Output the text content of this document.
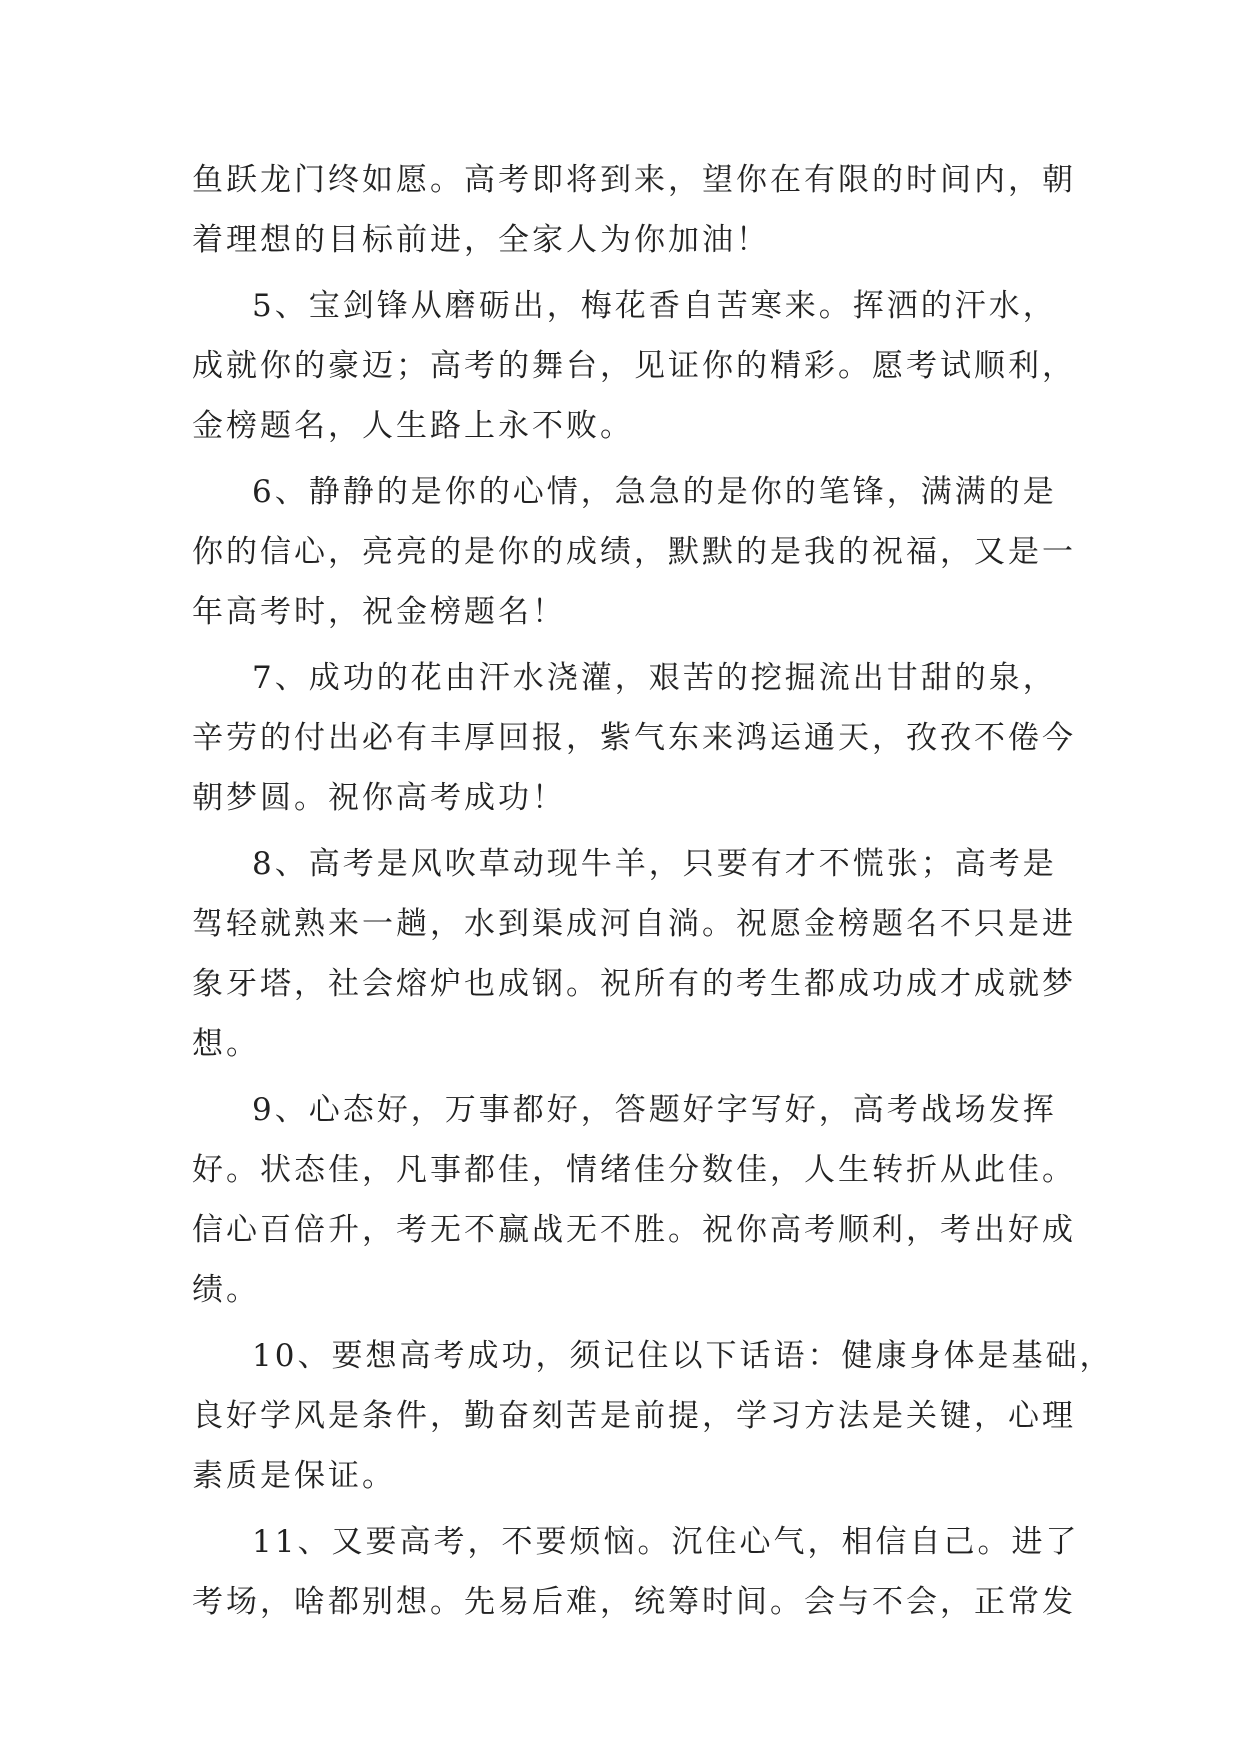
鱼跃龙门终如愿。高考即将到来，望你在有限的时间内，朝
着理想的目标前进，全家人为你加油！
5、宝剑锋从磨砺出，梅花香自苦寒来。挥洒的汗水，
成就你的豪迈；高考的舞台，见证你的精彩。愿考试顺利，
金榜题名，人生路上永不败。
6、静静的是你的心情，急急的是你的笔锋，满满的是
你的信心，亮亮的是你的成绩，默默的是我的祝福，又是一
年高考时，祝金榜题名！
7、成功的花由汗水浇灌，艰苦的挖掘流出甘甜的泉，
辛劳的付出必有丰厚回报，紫气东来鸿运通天，孜孜不倦今
朝梦圆。祝你高考成功！
8、高考是风吹草动现牛羊，只要有才不慌张；高考是
驾轻就熟来一趟，水到渠成河自淌。祝愿金榜题名不只是进
象牙塔，社会熔炉也成钢。祝所有的考生都成功成才成就梦
想。
9、心态好，万事都好，答题好字写好，高考战场发挥
好。状态佳，凡事都佳，情绪佳分数佳，人生转折从此佳。
信心百倍升，考无不赢战无不胜。祝你高考顺利，考出好成
绩。
10、要想高考成功，须记住以下话语：健康身体是基础，
良好学风是条件，勤奋刻苦是前提，学习方法是关键，心理
素质是保证。
11、又要高考，不要烦恼。沉住心气，相信自己。进了
考场，啥都别想。先易后难，统筹时间。会与不会，正常发
